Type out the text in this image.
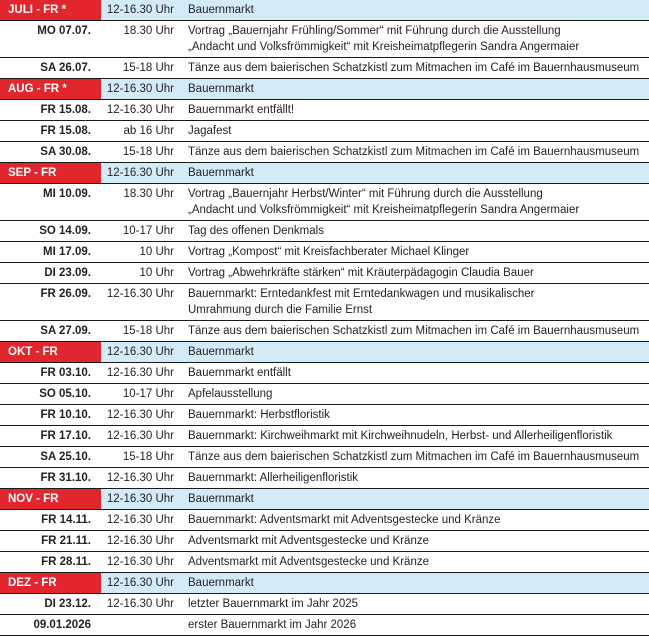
JULI - FR *	12-16.30 Uhr	Bauernmarkt

MO 07.07.	18.30 Uhr	Vortrag „Bauernjahr Frühling/Sommer“ mit Führung durch die Ausstellung
„Andacht und Volksfrömmigkeit“ mit Kreisheimatpflegerin Sandra Angermaier

SA 26.07.	15-18 Uhr	Tänze aus dem baierischen Schatzkistl zum Mitmachen im Café im Bauernhausmuseum

AUG - FR *	12-16.30 Uhr	Bauernmarkt

FR 15.08.	12-16.30 Uhr	Bauernmarkt entfällt!

FR 15.08.	ab 16 Uhr	Jagafest

SA 30.08.	15-18 Uhr	Tänze aus dem baierischen Schatzkistl zum Mitmachen im Café im Bauernhausmuseum

SEP - FR	12-16.30 Uhr	Bauernmarkt

MI 10.09.	18.30 Uhr	Vortrag „Bauernjahr Herbst/Winter“ mit Führung durch die Ausstellung
„Andacht und Volksfrömmigkeit“ mit Kreisheimatpflegerin Sandra Angermaier

SO 14.09.	10-17 Uhr	Tag des offenen Denkmals

MI 17.09.	10 Uhr	Vortrag „Kompost“ mit Kreisfachberater Michael Klinger

DI 23.09.	10 Uhr	Vortrag „Abwehrkräfte stärken“ mit Kräuterpädagogin Claudia Bauer

FR 26.09.	12-16.30 Uhr	Bauernmarkt: Erntedankfest mit Erntedankwagen und musikalischer
Umrahmung durch die Familie Ernst

SA 27.09.	15-18 Uhr	Tänze aus dem baierischen Schatzkistl zum Mitmachen im Café im Bauernhausmuseum

OKT - FR	12-16.30 Uhr	Bauernmarkt

FR 03.10.	12-16.30 Uhr	Bauernmarkt entfällt

SO 05.10.	10-17 Uhr	Apfelausstellung

FR 10.10.	12-16.30 Uhr	Bauernmarkt: Herbstfloristik

FR 17.10.	12-16.30 Uhr	Bauernmarkt: Kirchweihmarkt mit Kirchweihnudeln, Herbst- und Allerheiligenfloristik

SA 25.10.	15-18 Uhr	Tänze aus dem baierischen Schatzkistl zum Mitmachen im Café im Bauernhausmuseum

FR 31.10.	12-16.30 Uhr	Bauernmarkt: Allerheiligenfloristik

NOV - FR	12-16.30 Uhr	Bauernmarkt

FR 14.11.	12-16.30 Uhr	Bauernmarkt: Adventsmarkt mit Adventsgestecke und Kränze

FR 21.11.	12-16.30 Uhr	Adventsmarkt mit Adventsgestecke und Kränze

FR 28.11.	12-16.30 Uhr	Adventsmarkt mit Adventsgestecke und Kränze

DEZ - FR	12-16.30 Uhr	Bauernmarkt

DI 23.12.	12-16.30 Uhr	letzter Bauernmarkt im Jahr 2025

09.01.2026		erster Bauernmarkt im Jahr 2026
